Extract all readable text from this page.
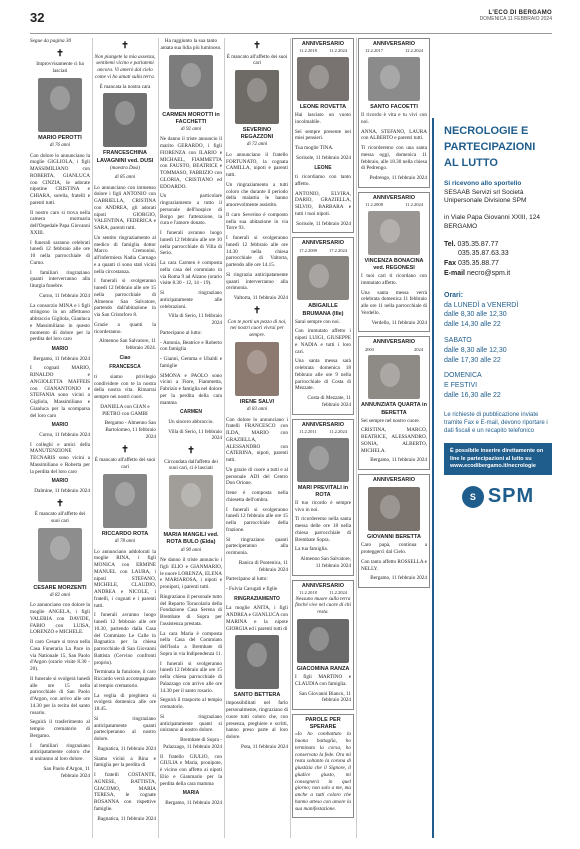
32	L'ECO DI BERGAMO
DOMENICA 11 FEBBRAIO 2024

Segue da pagina 30

✝

Improvvisamente ci ha lasciati

MARIO PEROTTI
di 76 anni

Con dolore lo annunciano la moglie GIGLIOLA, i figli MASSIMILIANO con ROBERTA, GIANLUCA con CINZIA, le adorate nipotine CRISTINA e CHIARA, sorella, fratelli e parenti tutti.

Il nostro caro si trova nella camera mortuaria dell'Ospedale Papa Giovanni XXIII.

I funerali saranno celebrati lunedì 12 febbraio alle ore 10 nella parrocchiale di Curno.

I familiari ringraziano quanti interverranno alla liturgia funebre.

Curno, 11 febbraio 2024

La consorzio MINA e i figli stringono in un affettuoso abbraccio Gigliola, Gianluca e Massimiliano in questo momento di dolore per la perdita del loro caro

MARIO

Bergamo, 11 febbraio 2024

I cognati MARIO, RINALDO e ANGIOLETTA MAFFEIS con GIANANTONIO e STEFANIA sono vicini a Gigliola, Massimiliano e Gianluca per la scomparsa del loro caro

MARIO

Curno, 11 febbraio 2024

I colleghi e amici della MANUTENZIONE TECNARIS sono vicini a Massimiliano e Roberta per la perdita del loro caro

MARIO

Dalmine, 11 febbraio 2024

✝

È mancato all'affetto dei suoi cari

CESARE MORZENTI
di 82 anni

Lo annunciano con dolore la moglie ANGELA, i figli VALERIA con DAVIDE, FABIO con LUISA, LORENZO e MICHELE.

Il caro Cesare si trova nella Casa Funeraria La Pace in via Nationale 15, San Paolo d'Argon (orario visite 8.30 - 20).

Il funerale si svolgerà lunedì alle ore 15 nella parrocchiale di San Paolo d'Argon, con arrivo alle ore 14.30 per la recita del santo rosario.

Seguirà il trasferimento al tempio crematorio di Bergamo.

I familiari ringraziano anticipatamente coloro che si uniranno al loro dolore.

San Paolo d'Argon, 11 febbraio 2024

✝

Non piangete la mia assenza, sentitemi vicino e parlatemi ancora. Vi amerò dal cielo come vi ho amati sulla terra.

È mancata la nostra cara

FRANCESCHINA LAVAGNINI ved. DUSI
(maestra Dusi)
di 85 anni

Lo annunciano con immenso dolore i figli ANTONIO con GABRIELLA, CRISTINA con ANDREA, gli adorati nipoti GIORGIO, VALENTINA, FEDERICA e SARA, parenti tutti.

Un sentito ringraziamento al medico di famiglia dottor Marco Cremonini, all'infermiera Nadia Curnago e a quanti ci sono stati vicini nella circostanza.

I funerali si svolgeranno lunedì 12 febbraio alle ore 15 nella parrocchiale di Almenno San Salvatore, partendo dall'abitazione in via San Cristoforo 8.

Grazie a quanti la ricorderanno.

Almenno San Salvatore, 11 febbraio 2024.

Ciao
FRANCESCA

ti siamo privilegio condividere con te la nostra della nostra vita. Rimarrai sempre nei nostri cuori.

DANIELA con GIAN e PIETRO con GAMBI

Bergamo - Almenno San Bartolomeo, 11 febbraio 2024

✝

È mancato all'affetto dei suoi cari

RICCARDO ROTA
di 78 anni

Lo annunciano addolorati la moglie RINA, i figli MONICA con ERMINE MANUEL con LAURA, i nipoti STEFANO, MICHELE, CLAUDIO, ANDREA e NICOLE, i fratelli, i cognati e i parenti tutti.

I funerali avranno luogo lunedì 12 febbraio alle ore 10.30, partendo dalla Casa del Commiato Le Calle in Bagnatica per la chiesa parrocchiale di San Giovanni Battista (Cervino confronti proprio).

Terminata la funzione, il caro Riccardo verrà accompagnato al tempio crematorio.

La veglia di preghiera si svolgerà domenica alle ore 18.45.

Si ringraziano anticipatamente quanti parteciperanno al nostro dolore.

Bagnatica, 11 febbraio 2024

Siamo vicini a Rina e famiglia per la perdita di

I fratelli COSTANTE, AGNESE, BATTISTA, GIACOMO, MARIA TERESA, le cognate ROSANNA con rispettive famiglie.

Bagnatica, 11 febbraio 2024

Ha raggiunto la sua tanto amata sua lidia più luminoso.

CARMEN MOROTTI in FACCHETTI
di 92 anni

Ne danno il triste annuncio il marito GERARDO, i figli FIORENZA con ILARIO e MICHAEL, FIAMMETTA con FAUSTO, BEATRICE e TOMMASO, FABRIZIO con GLORIA, CRISTIANO ed EDOARDO.

Un particolare ringraziamento a tutto il personale dell'hospice di Borgo per l'attenzione, la cura e l'amore donato.

I funerali avranno luogo lunedì 12 febbraio alle ore 10 nella parrocchiale di Villa di Serio.

La cara Carmen è composta nella casa del commiato in via Roma 9 ad Alzano (orario visite 8.30 - 12, 14 - 19).

Si ringraziano anticipatamente alle celebrazioni.

Villa di Serio, 11 febbraio 2024

Partecipano al lutto:

- Antonia, Beatrice e Roberto con famiglia

- Gianni, Gemma e Ubaldi e famiglie

SIMONA e PAOLO sono vicini a Fiore, Fiammetta, Fabrizio e famiglia nel dolore per la perdita della cara mamma

CARMEN

Un sincero abbraccio.

Villa di Serio, 11 febbraio 2024

✝

Circondata dall'affetto dei suoi cari, ci è lasciati

MARIA MANGILI ved. ROTA BULO (Elda)
di 90 anni

Ne danno il triste annuncio i figli ELIO e GIANMARIO, le nuore LORENZA, ELENA e MARIAROSA, i nipoti e pronipoti, i parenti tutti.

Ringraziano il personale tutto del Reparto Toracolaria della Fondazione Casa Serena di Brembate di Sopra per l'assistenza prestata.

La cara Maria è composta nella Casa del Commiato dell'Isola a Brembate di Sopra in via Indipendenza 11.

I funerali si svolgeranno lunedì 12 febbraio alle ore 15 nella chiesa parrocchiale di Palazzago con arrivo alle ore 14.30 per il santo rosario.

Seguirà il trasporto al tempio crematorio.

Si ringraziano anticipatamente quanti si uniranno al nostro dolore.

Brembate di Sopra - Palazzago, 11 febbraio 2024

Il fratello GIULIO, con GIULIA e Maria, pronipote, è vicino con affetto ai nipoti Elio e Gianmario per la perdita della cara mamma

MARIA

Bergamo, 11 febbraio 2024

✝

È mancato all'affetto dei suoi cari

SEVERINO REGAZZONI
di 72 anni

Lo annunciano il fratello FORTUNATO, la cognata CAMILLA, nipoti e parenti tutti.

Un ringraziamento a tutti coloro che durante il periodo della malattia le hanno amorevolmente assistito.

Il caro Severino è composto nella sua abitazione in via Torre 93.

I funerali si svolgeranno lunedì 12 febbraio alle ore 14.30 nella chiesa parrocchiale di Valtorta, partendo alle ore 14.15.

Si ringrazia anticipatamente quanti interverranno alla cerimonia.

Valtorta, 11 febbraio 2024

✝

Con te porti un pezzo di noi, nei nostri cuori vivrai per sempre.

IRENE SALVI
di 83 anni

Con dolore lo annunciano i fratelli FRANCESCO con ILDA, MARIO con GRAZIELLA, ALESSANDRO con CATERINA, nipoti, parenti tutti.

Un grazie di cuore a tutti e al personale ADI del Centro Don Orione.

Irene è composta nella chiesetta dell'ombra.

I funerali si svolgeranno lunedì 12 febbraio alle ore 15 nella parrocchiale della frazione.

Si ringraziano quanti parteciperanno alla cerimonia.

Ranica di Pontenica, 11 febbraio 2024

Partecipano al lutto:

- Fulvia Carugati e figlie

RINGRAZIAMENTO

La moglie ANITA, i figli ANDREA e GIANLUCA con MARINA e la nipote GIORGIA ed i parenti tutti di

SANTO BETTERA

impossibilitati nel farlo personalmente, ringraziano di cuore tutti coloro che, con presenza, preghiere e scritti, hanno preso parte al loro dolore.

Pota, 11 febbraio 2024

ANNIVERSARIO
11.2.2018	11.2.2024
LEONE ROVETTA

Hai lasciato un vuoto incolmabile.

Sei sempre presente nei miei pensieri.

Tua moglie TINA.

Sorisole, 11 febbraio 2024

LEONE

ti ricordiamo con tanto affetto.

ANTONIO, ELVIRA, DARIO, GRAZIELLA, SILVIO, BARBARA e tutti i tuoi nipoti.

Sorisole, 11 febbraio 2024

ANNIVERSARIO
17.2.2009	17.2.2024
ABIGAILLE BRUMANA (Ille)

Sarai sempre con noi.

Con immutato affetto i nipoti LUIGI, GIUSEPPE e NADIA e tutti i loro cari.

Una santa messa sarà celebrata domenica 18 febbraio alle ore 9 nella parrocchiale di Costa di Mezzate.

Costa di Mezzate, 11 febbraio 2024

ANNIVERSARIO
11.2.2011	11.2.2024
MARI PREVITALI in ROTA

Il tuo ricordo è sempre vivo in noi.

Ti ricorderemo nella santa messa delle ore 18 nella chiesa parrocchiale di Brembate Sopra.

La tua famiglia.

Almenno San Salvatore, 11 febbraio 2024

ANNIVERSARIO
11.2.2018	11.2.2024

Nessuno muore sulla terra finché vive nel cuore di chi resta.

GIACOMINA RANZA

I figli MARTINO e CLAUDIA con famiglia.

San Giovanni Bianco, 11 febbraio 2024

PAROLE PER SPERARE

«Io ho combattuto la buona battaglia, ho terminato la corsa, ho conservato la fede. Ora mi resta soltanto la corona di giustizia che il Signore, il giudice giusto, mi consegnerà in quel giorno; non solo a me, ma anche a tutti coloro che hanno atteso con amore la sua manifestazione.

ANNIVERSARIO
12.2.2017	12.2.2024
SANTO FACOETTI

Il ricordo è vita e tu vivi con noi.

ANNA, STEFANO, LAURA con ALBERTO e parenti tutti.

Ti ricorderemo con una santa messa oggi, domenica 11 febbraio, alle 18.30 nella chiesa di Pedrengo.

Pedrengo, 11 febbraio 2024

ANNIVERSARIO
11.2.2008	11.2.2024
VINCENZA BONACINA ved. REGONESI

I tuoi cari ti ricordano con immutato affetto.

Una santa messa verrà celebrata domenica 11 febbraio alle ore 11 nella parrocchiale di Verdello.

Verdello, 11 febbraio 2024

ANNIVERSARIO
2003	2024
ANNUNZIATA QUARTA in BERETTA

Sei sempre nel nostro cuore.

CRISTINA, MARCO, BEATRICE, ALESSANDRO, SONIA, ALBERTO, MICHELA.

Bergamo, 11 febbraio 2024

ANNIVERSARIO
GIOVANNI BERETTA

Caro papà, continua a proteggerci dal Cielo.

Con tanto affetto ROSSELLA e NELLY.

Bergamo, 11 febbraio 2024

NECROLOGIE E PARTECIPAZIONI AL LUTTO
Si ricevono allo sportello
SESAAB Servizi srl Società Unipersonale Divisione SPM
in Viale Papa Giovanni XXIII, 124 BERGAMO
Tel. 035.35.87.77
035.35.87.63.33
Fax 035.35.88.77
E-mail necro@spm.it
Orari:
da LUNEDÌ a VENERDÌ
dalle 8,30 alle 12,30
dalle 14,30 alle 22
SABATO
dalle 8,30 alle 12,30
dalle 17,30 alle 22
DOMENICA
E FESTIVI
dalle 16,30 alle 22
Le richieste di pubblicazione inviate tramite Fax e E-mail, devono riportare i dati fiscali e un recapito telefonico
È possibile inserire direttamente on line le partecipazioni al lutto su www.ecodibergamo.it/necrologie
S SPM
